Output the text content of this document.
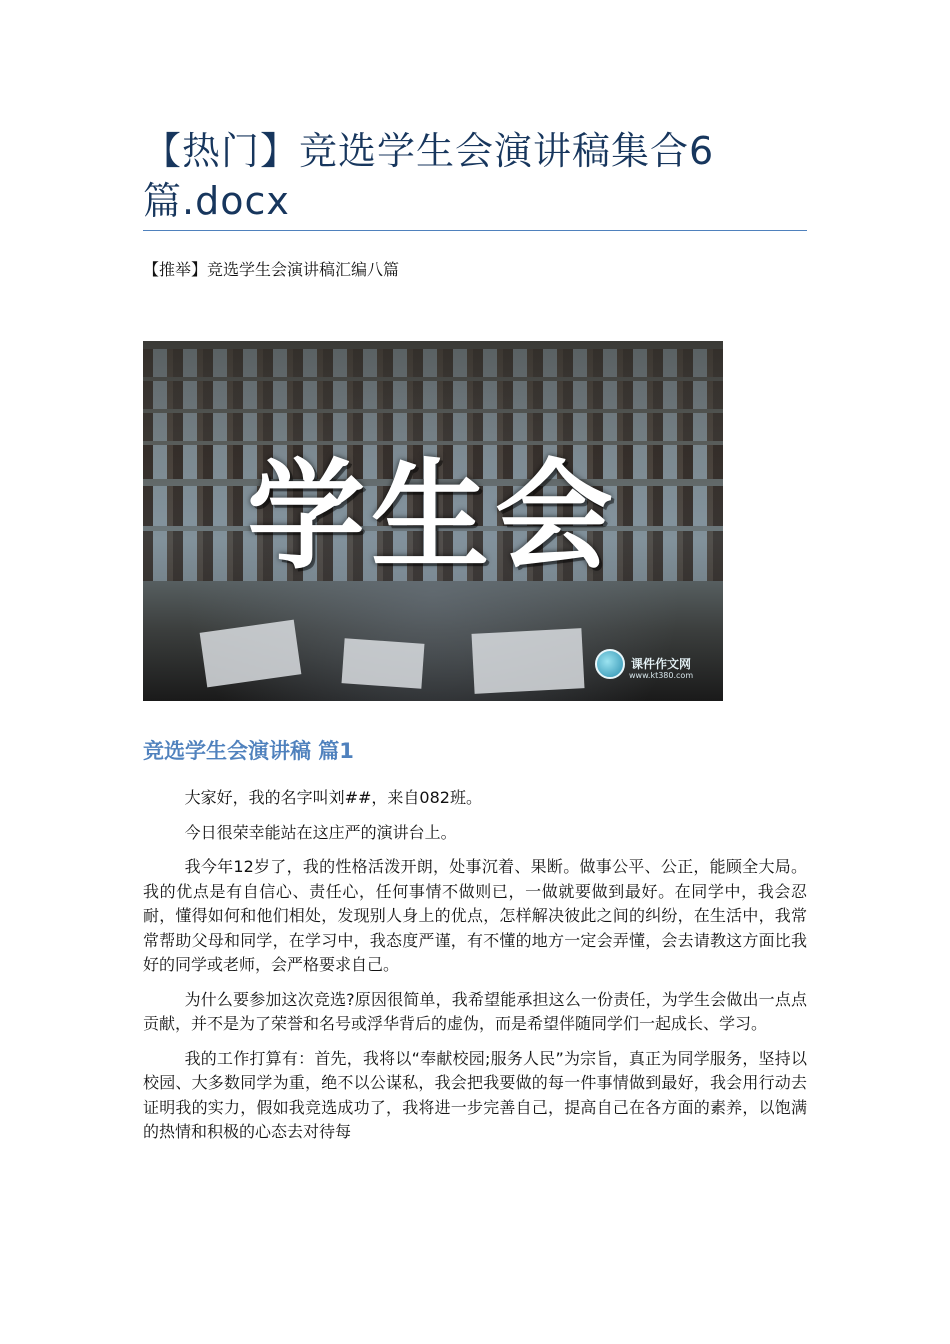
【热门】竞选学生会演讲稿集合6篇.docx
【推举】竞选学生会演讲稿汇编八篇
学生会
课件作文网
www.kt380.com
竞选学生会演讲稿 篇1

大家好，我的名字叫刘##，来自082班。

今日很荣幸能站在这庄严的演讲台上。

我今年12岁了，我的性格活泼开朗，处事沉着、果断。做事公平、公正，能顾全大局。我的优点是有自信心、责任心，任何事情不做则已，一做就要做到最好。在同学中，我会忍耐，懂得如何和他们相处，发现别人身上的优点，怎样解决彼此之间的纠纷，在生活中，我常常帮助父母和同学，在学习中，我态度严谨，有不懂的地方一定会弄懂，会去请教这方面比我好的同学或老师，会严格要求自己。

为什么要参加这次竞选?原因很简单，我希望能承担这么一份责任，为学生会做出一点点贡献，并不是为了荣誉和名号或浮华背后的虚伪，而是希望伴随同学们一起成长、学习。

我的工作打算有：首先，我将以“奉献校园;服务人民”为宗旨，真正为同学服务，坚持以校园、大多数同学为重，绝不以公谋私，我会把我要做的每一件事情做到最好，我会用行动去证明我的实力，假如我竞选成功了，我将进一步完善自己，提高自己在各方面的素养，以饱满的热情和积极的心态去对待每
